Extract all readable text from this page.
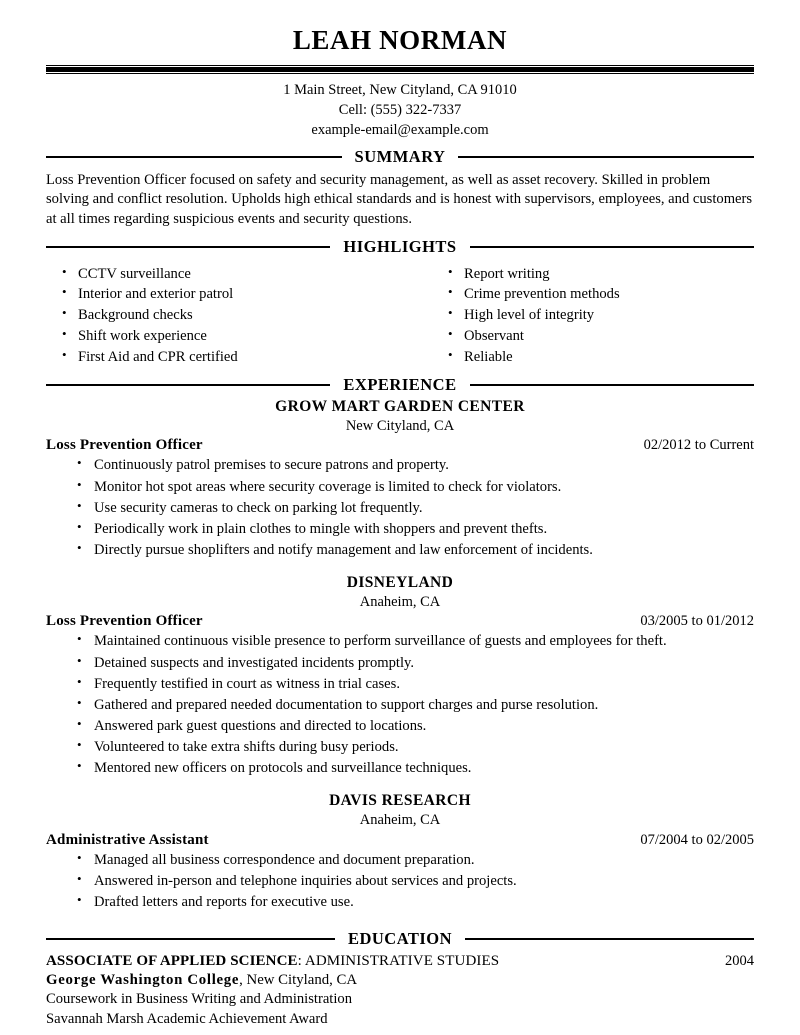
LEAH NORMAN
1 Main Street, New Cityland, CA 91010
Cell: (555) 322-7337
example-email@example.com
SUMMARY
Loss Prevention Officer focused on safety and security management, as well as asset recovery. Skilled in problem solving and conflict resolution. Upholds high ethical standards and is honest with supervisors, employees, and customers at all times regarding suspicious events and security questions.
HIGHLIGHTS
• CCTV surveillance
• Interior and exterior patrol
• Background checks
• Shift work experience
• First Aid and CPR certified
• Report writing
• Crime prevention methods
• High level of integrity
• Observant
• Reliable
EXPERIENCE
GROW MART GARDEN CENTER
New Cityland, CA
Loss Prevention Officer	02/2012 to Current
• Continuously patrol premises to secure patrons and property.
• Monitor hot spot areas where security coverage is limited to check for violators.
• Use security cameras to check on parking lot frequently.
• Periodically work in plain clothes to mingle with shoppers and prevent thefts.
• Directly pursue shoplifters and notify management and law enforcement of incidents.
DISNEYLAND
Anaheim, CA
Loss Prevention Officer	03/2005 to 01/2012
• Maintained continuous visible presence to perform surveillance of guests and employees for theft.
• Detained suspects and investigated incidents promptly.
• Frequently testified in court as witness in trial cases.
• Gathered and prepared needed documentation to support charges and purse resolution.
• Answered park guest questions and directed to locations.
• Volunteered to take extra shifts during busy periods.
• Mentored new officers on protocols and surveillance techniques.
DAVIS RESEARCH
Anaheim, CA
Administrative Assistant	07/2004 to 02/2005
• Managed all business correspondence and document preparation.
• Answered in-person and telephone inquiries about services and projects.
• Drafted letters and reports for executive use.
EDUCATION
ASSOCIATE OF APPLIED SCIENCE: ADMINISTRATIVE STUDIES	2004
George Washington College, New Cityland, CA
Coursework in Business Writing and Administration
Savannah Marsh Academic Achievement Award
